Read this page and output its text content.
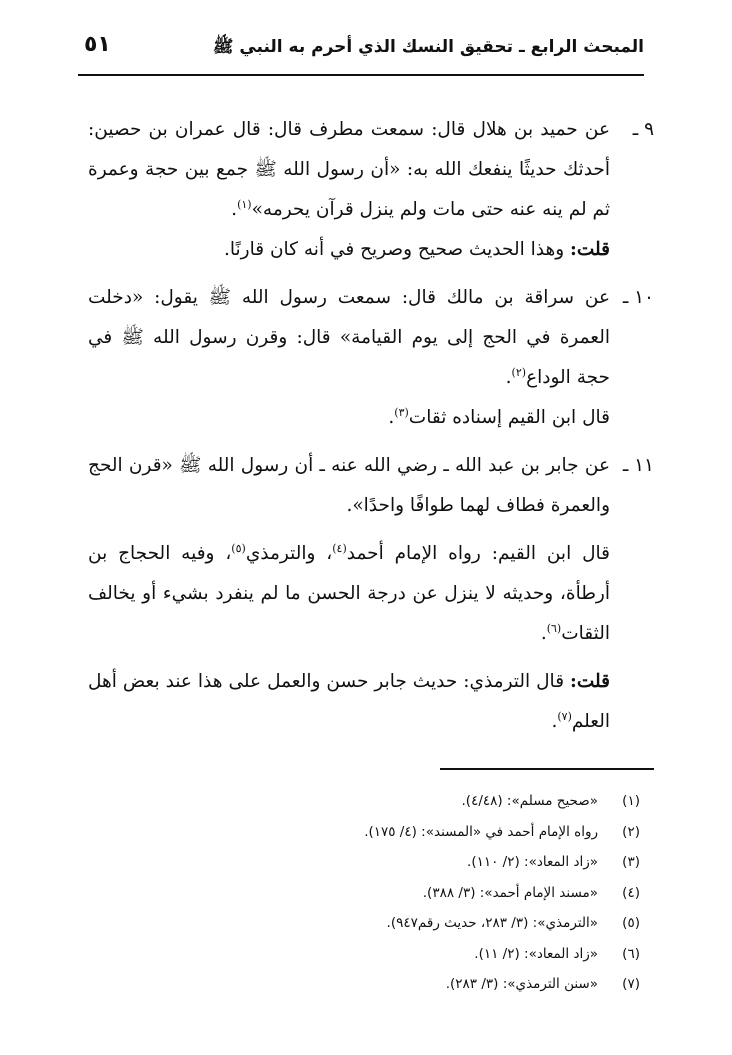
المبحث الرابع ـ تحقيق النسك الذي أحرم به النبي ﷺ
٥١
٩ ـ

عن حميد بن هلال قال: سمعت مطرف قال: قال عمران بن حصين: أحدثك حديثًا ينفعك الله به: «أن رسول الله ﷺ جمع بين حجة وعمرة ثم لم ينه عنه حتى مات ولم ينزل قرآن يحرمه»$^{(١)}$.

قلت: وهذا الحديث صحيح وصريح في أنه كان قارنًا.

١٠ ـ

عن سراقة بن مالك قال: سمعت رسول الله ﷺ يقول: «دخلت العمرة في الحج إلى يوم القيامة» قال: وقرن رسول الله ﷺ في حجة الوداع$^{(٢)}$.

قال ابن القيم إسناده ثقات$^{(٣)}$.

١١ ـ

عن جابر بن عبد الله ـ رضي الله عنه ـ أن رسول الله ﷺ «قرن الحج والعمرة فطاف لهما طوافًا واحدًا».

قال ابن القيم: رواه الإمام أحمد$^{(٤)}$، والترمذي$^{(٥)}$، وفيه الحجاج بن أرطأة، وحديثه لا ينزل عن درجة الحسن ما لم ينفرد بشيء أو يخالف الثقات$^{(٦)}$.

قلت: قال الترمذي: حديث جابر حسن والعمل على هذا عند بعض أهل العلم$^{(٧)}$.

(١)
«صحيح مسلم»: (٤/٤٨).
(٢)
رواه الإمام أحمد في «المسند»: (٤/ ١٧٥).
(٣)
«زاد المعاد»: (٢/ ١١٠).
(٤)
«مسند الإمام أحمد»: (٣/ ٣٨٨).
(٥)
«الترمذي»: (٣/ ٢٨٣، حديث رقم٩٤٧).
(٦)
«زاد المعاد»: (٢/ ١١).
(٧)
«سنن الترمذي»: (٣/ ٢٨٣).
